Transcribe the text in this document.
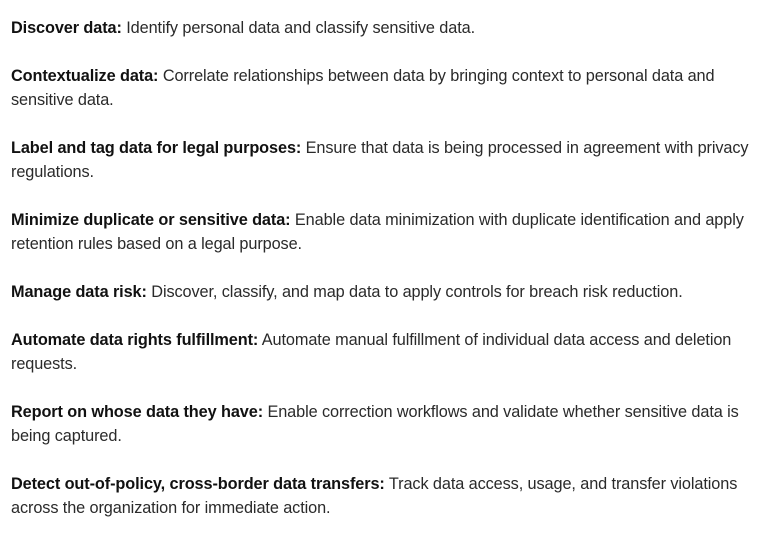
Discover data: Identify personal data and classify sensitive data.

Contextualize data: Correlate relationships between data by bringing context to personal data and sensitive data.

Label and tag data for legal purposes: Ensure that data is being processed in agreement with privacy regulations.

Minimize duplicate or sensitive data: Enable data minimization with duplicate identification and apply retention rules based on a legal purpose.

Manage data risk: Discover, classify, and map data to apply controls for breach risk reduction.

Automate data rights fulfillment: Automate manual fulfillment of individual data access and deletion requests.

Report on whose data they have: Enable correction workflows and validate whether sensitive data is being captured.

Detect out-of-policy, cross-border data transfers: Track data access, usage, and transfer violations across the organization for immediate action.
